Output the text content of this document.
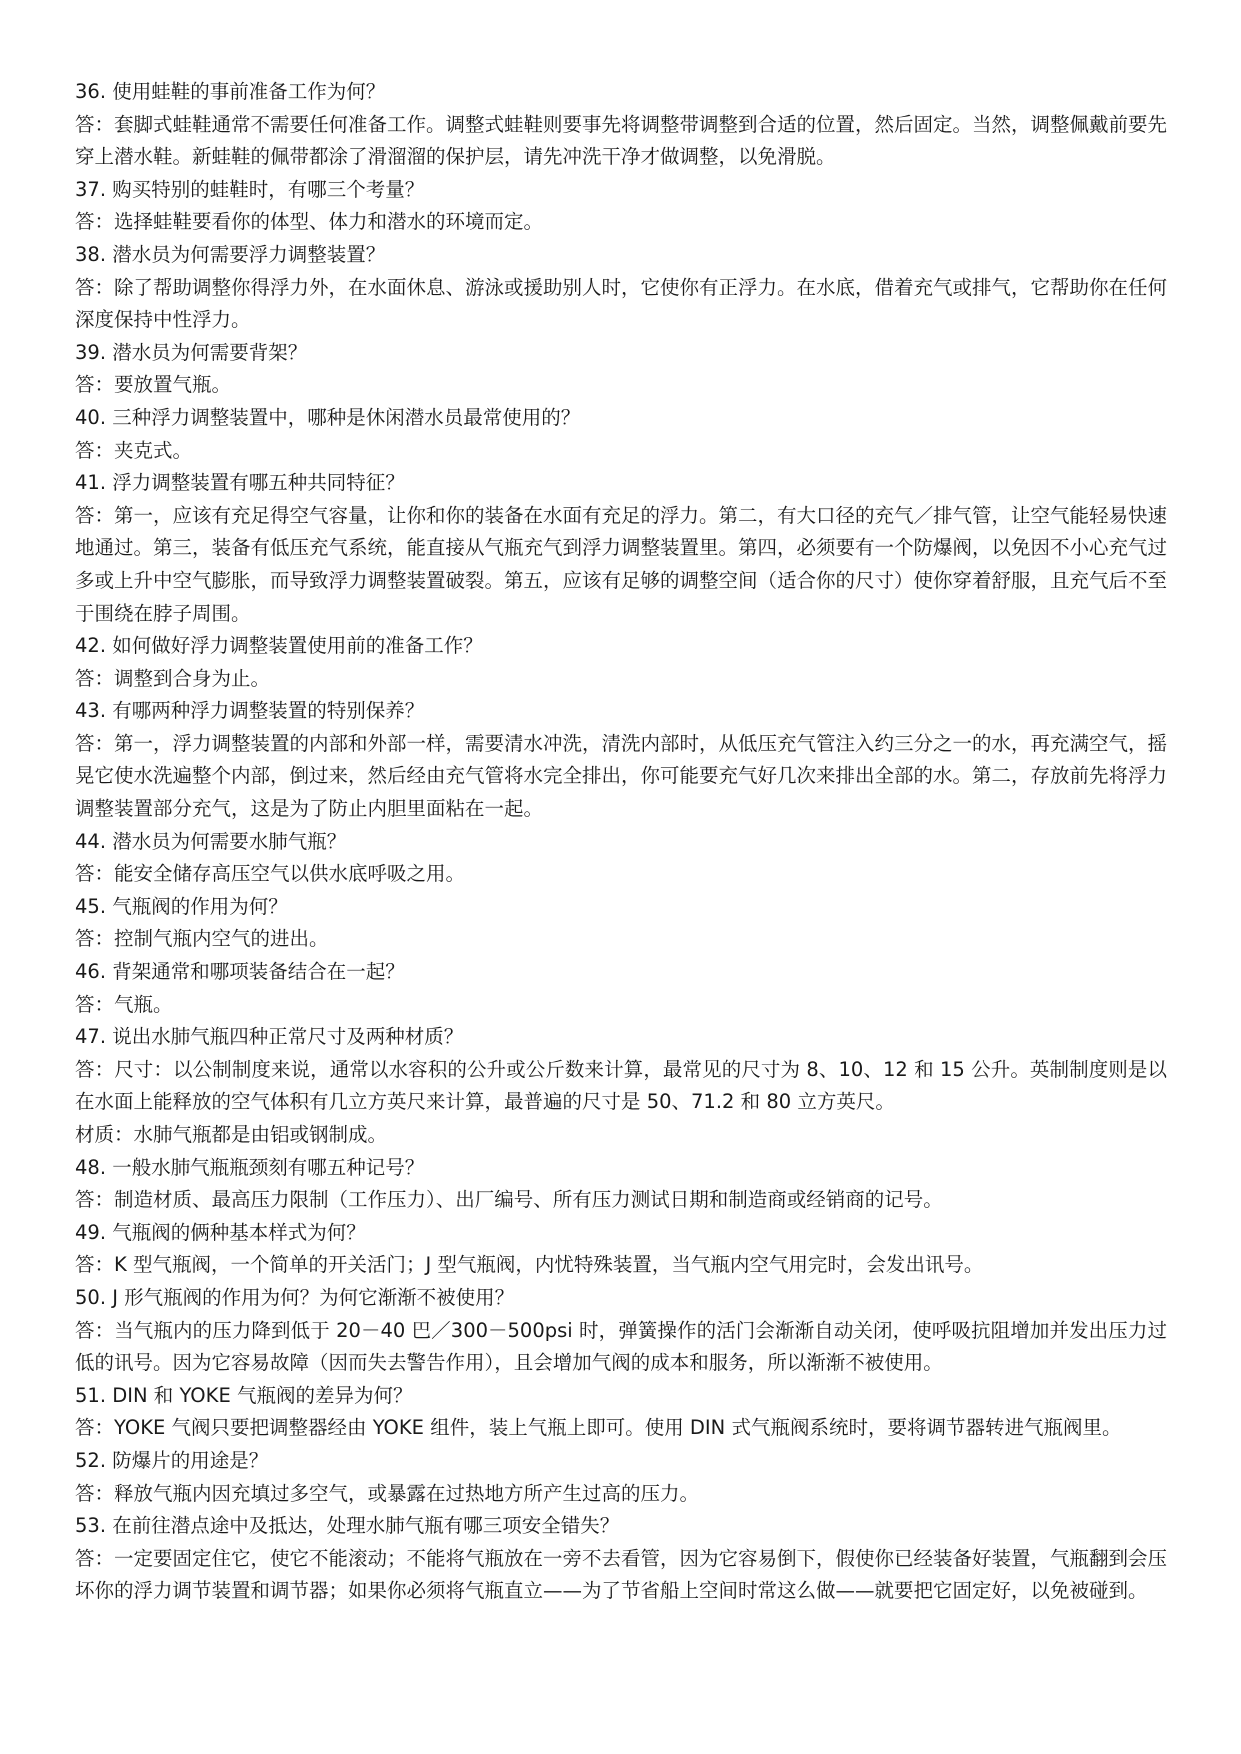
36. 使用蛙鞋的事前准备工作为何？

答：套脚式蛙鞋通常不需要任何准备工作。调整式蛙鞋则要事先将调整带调整到合适的位置，然后固定。当然，调整佩戴前要先穿上潜水鞋。新蛙鞋的佩带都涂了滑溜溜的保护层，请先冲洗干净才做调整，以免滑脱。

37. 购买特别的蛙鞋时，有哪三个考量？

答：选择蛙鞋要看你的体型、体力和潜水的环境而定。

38. 潜水员为何需要浮力调整装置？

答：除了帮助调整你得浮力外，在水面休息、游泳或援助别人时，它使你有正浮力。在水底，借着充气或排气，它帮助你在任何深度保持中性浮力。

39. 潜水员为何需要背架？

答：要放置气瓶。

40. 三种浮力调整装置中，哪种是休闲潜水员最常使用的？

答：夹克式。

41. 浮力调整装置有哪五种共同特征？

答：第一，应该有充足得空气容量，让你和你的装备在水面有充足的浮力。第二，有大口径的充气／排气管，让空气能轻易快速地通过。第三，装备有低压充气系统，能直接从气瓶充气到浮力调整装置里。第四，必须要有一个防爆阀，以免因不小心充气过多或上升中空气膨胀，而导致浮力调整装置破裂。第五，应该有足够的调整空间（适合你的尺寸）使你穿着舒服，且充气后不至于围绕在脖子周围。

42. 如何做好浮力调整装置使用前的准备工作？

答：调整到合身为止。

43. 有哪两种浮力调整装置的特别保养？

答：第一，浮力调整装置的内部和外部一样，需要清水冲洗，清洗内部时，从低压充气管注入约三分之一的水，再充满空气，摇晃它使水洗遍整个内部，倒过来，然后经由充气管将水完全排出，你可能要充气好几次来排出全部的水。第二，存放前先将浮力调整装置部分充气，这是为了防止内胆里面粘在一起。

44. 潜水员为何需要水肺气瓶？

答：能安全储存高压空气以供水底呼吸之用。

45. 气瓶阀的作用为何？

答：控制气瓶内空气的进出。

46. 背架通常和哪项装备结合在一起？

答：气瓶。

47. 说出水肺气瓶四种正常尺寸及两种材质？

答：尺寸：以公制制度来说，通常以水容积的公升或公斤数来计算，最常见的尺寸为 8、10、12 和 15 公升。英制制度则是以在水面上能释放的空气体积有几立方英尺来计算，最普遍的尺寸是 50、71.2 和 80 立方英尺。

材质：水肺气瓶都是由铝或钢制成。

48. 一般水肺气瓶瓶颈刻有哪五种记号？

答：制造材质、最高压力限制（工作压力）、出厂编号、所有压力测试日期和制造商或经销商的记号。

49. 气瓶阀的俩种基本样式为何？

答：K 型气瓶阀，一个简单的开关活门；J 型气瓶阀，内忧特殊装置，当气瓶内空气用完时，会发出讯号。

50. J 形气瓶阀的作用为何？为何它渐渐不被使用？

答：当气瓶内的压力降到低于 20－40 巴／300－500psi 时，弹簧操作的活门会渐渐自动关闭，使呼吸抗阻增加并发出压力过低的讯号。因为它容易故障（因而失去警告作用），且会增加气阀的成本和服务，所以渐渐不被使用。

51. DIN 和 YOKE 气瓶阀的差异为何？

答：YOKE 气阀只要把调整器经由 YOKE 组件，装上气瓶上即可。使用 DIN 式气瓶阀系统时，要将调节器转进气瓶阀里。

52. 防爆片的用途是？

答：释放气瓶内因充填过多空气，或暴露在过热地方所产生过高的压力。

53. 在前往潜点途中及抵达，处理水肺气瓶有哪三项安全错失？

答：一定要固定住它，使它不能滚动；不能将气瓶放在一旁不去看管，因为它容易倒下，假使你已经装备好装置，气瓶翻到会压坏你的浮力调节装置和调节器；如果你必须将气瓶直立——为了节省船上空间时常这么做——就要把它固定好，以免被碰到。
